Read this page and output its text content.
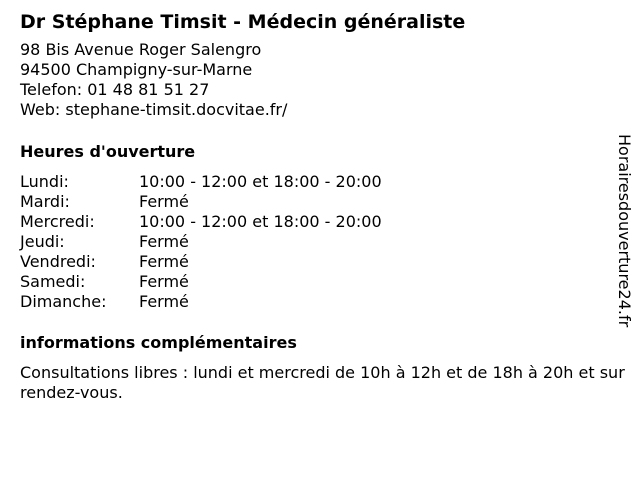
Dr Stéphane Timsit - Médecin généraliste
98 Bis Avenue Roger Salengro
94500 Champigny-sur-Marne
Telefon: 01 48 81 51 27
Web: stephane-timsit.docvitae.fr/
Heures d'ouverture
Lundi:	10:00 - 12:00 et 18:00 - 20:00
Mardi:	Fermé
Mercredi:	10:00 - 12:00 et 18:00 - 20:00
Jeudi:	Fermé
Vendredi:	Fermé
Samedi:	Fermé
Dimanche:	Fermé
informations complémentaires
Consultations libres : lundi et mercredi de 10h à 12h et de 18h à 20h et sur rendez-vous.
Horairesdouverture24.fr
